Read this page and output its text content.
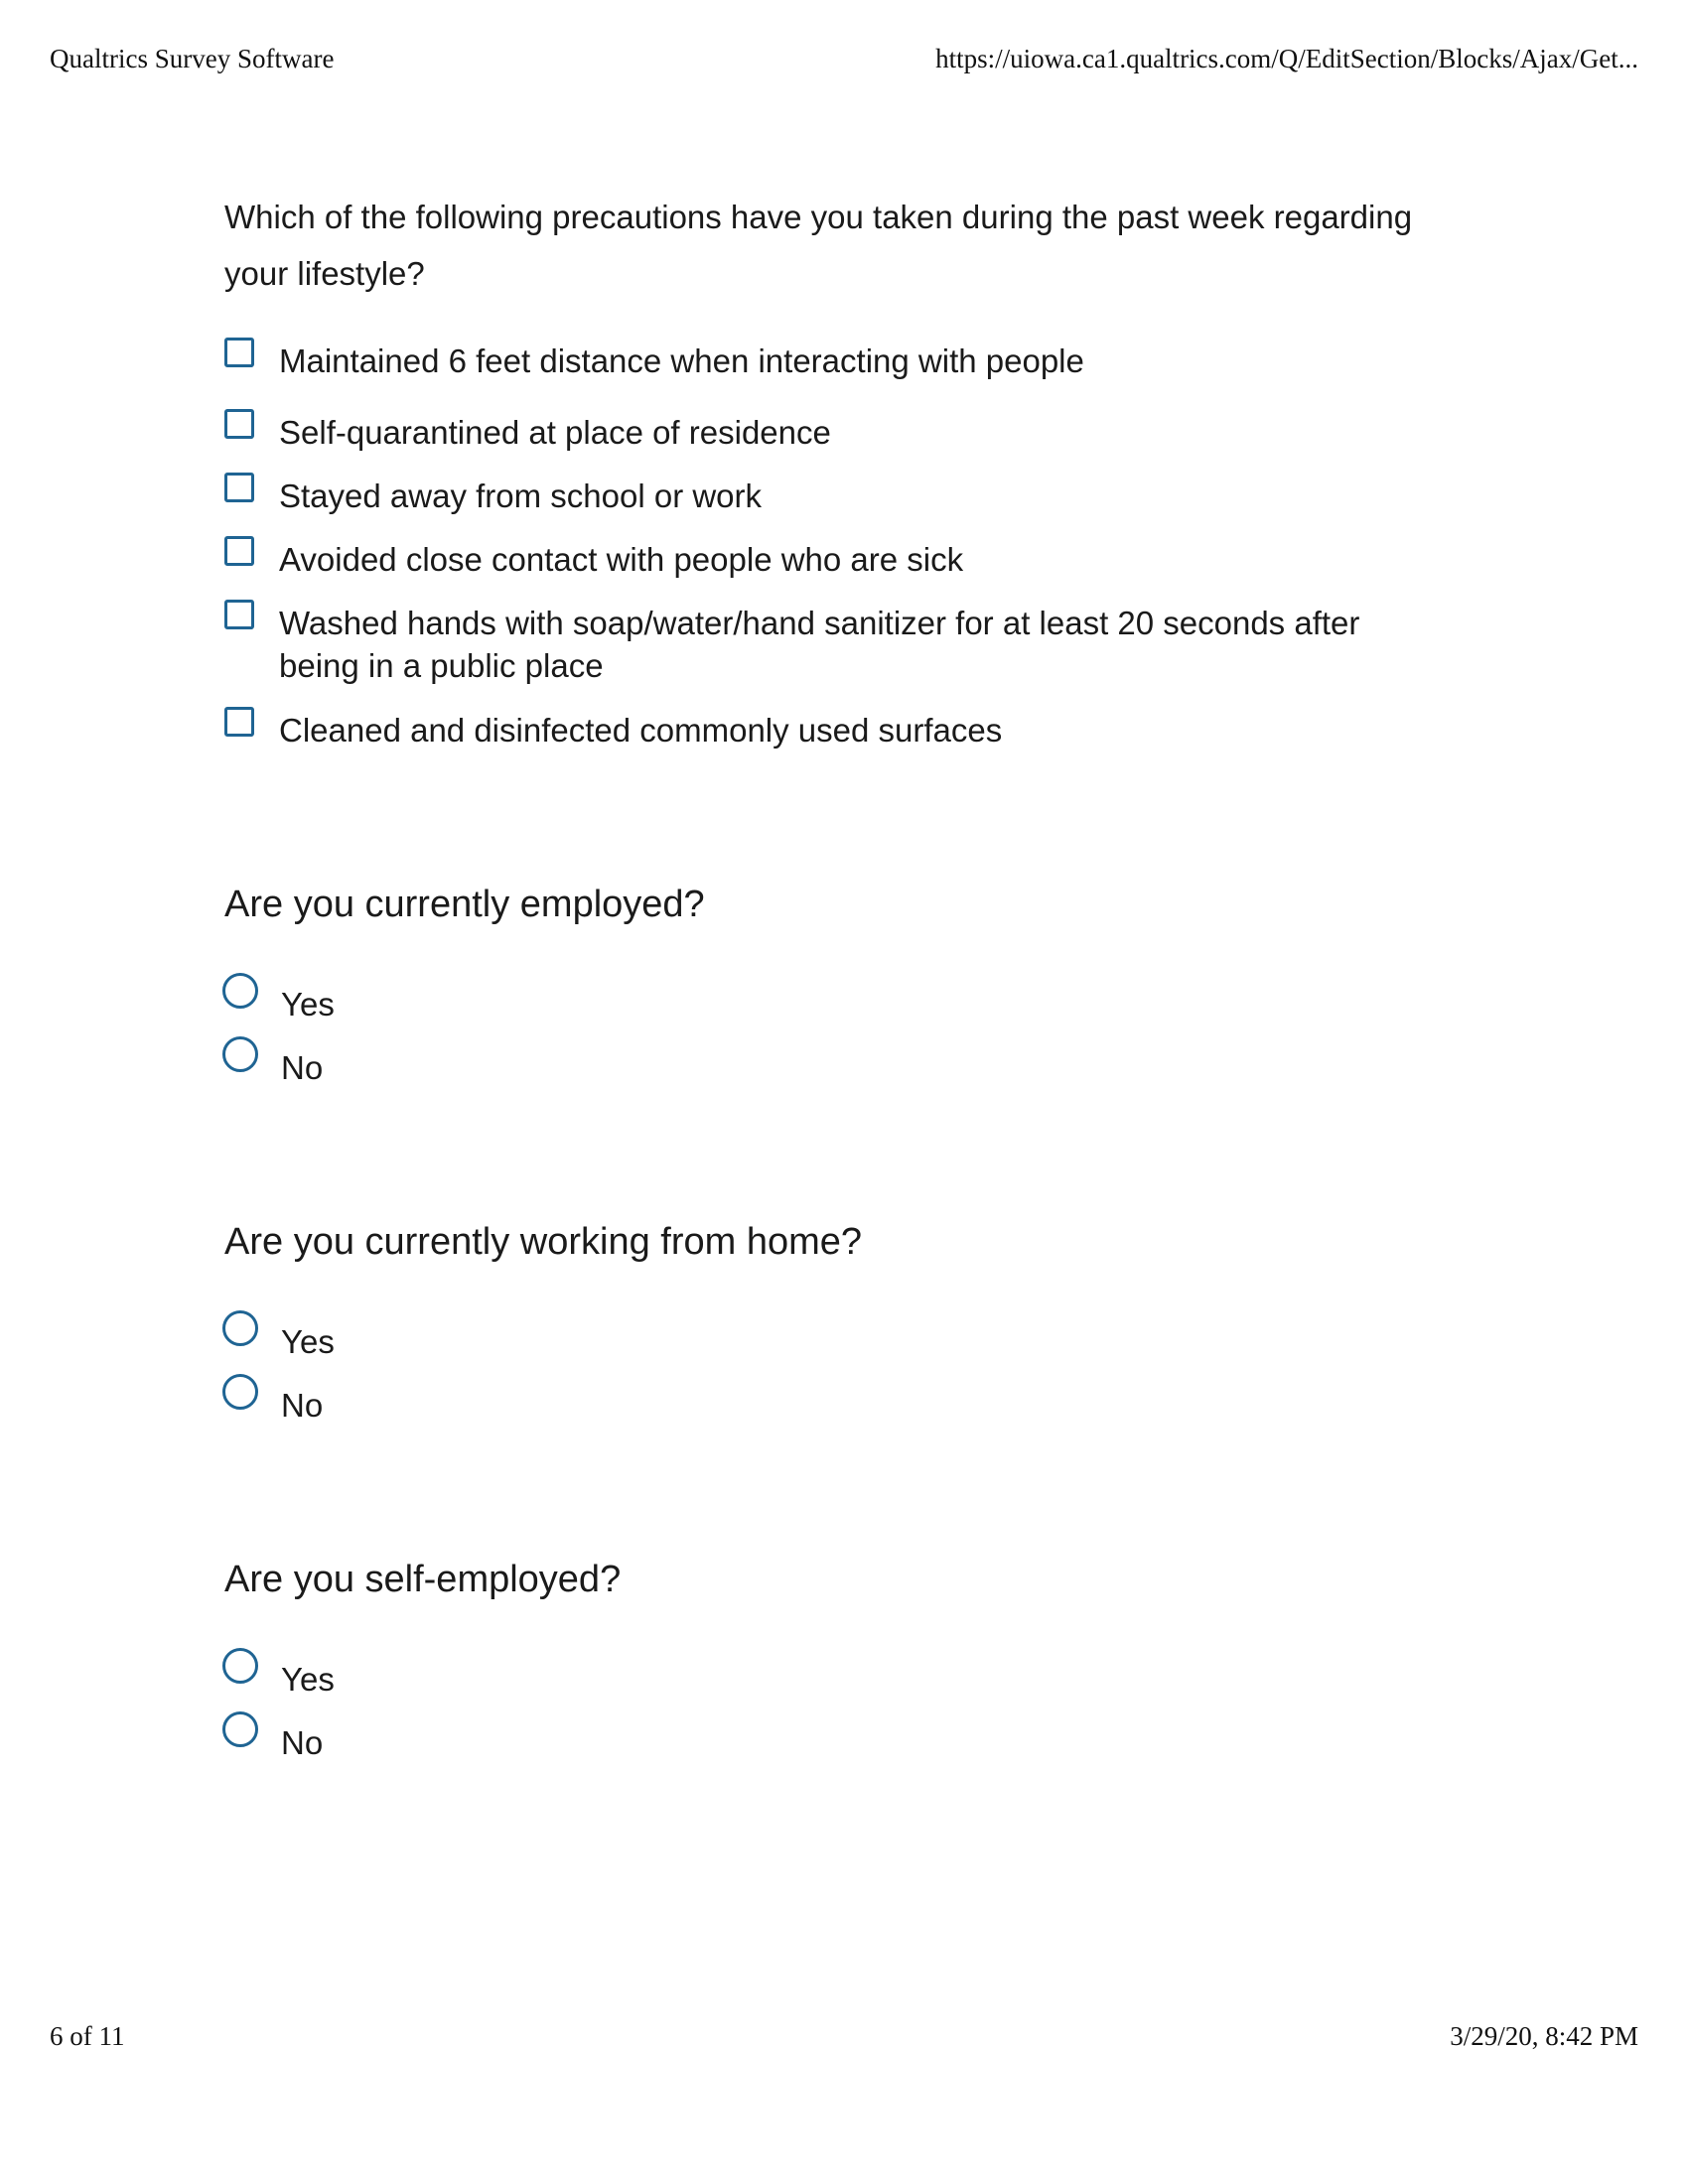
Qualtrics Survey Software	https://uiowa.ca1.qualtrics.com/Q/EditSection/Blocks/Ajax/Get...
Which of the following precautions have you taken during the past week regarding your lifestyle?
Maintained 6 feet distance when interacting with people
Self-quarantined at place of residence
Stayed away from school or work
Avoided close contact with people who are sick
Washed hands with soap/water/hand sanitizer for at least 20 seconds after being in a public place
Cleaned and disinfected commonly used surfaces
Are you currently employed?
Yes
No
Are you currently working from home?
Yes
No
Are you self-employed?
Yes
No
6 of 11	3/29/20, 8:42 PM
